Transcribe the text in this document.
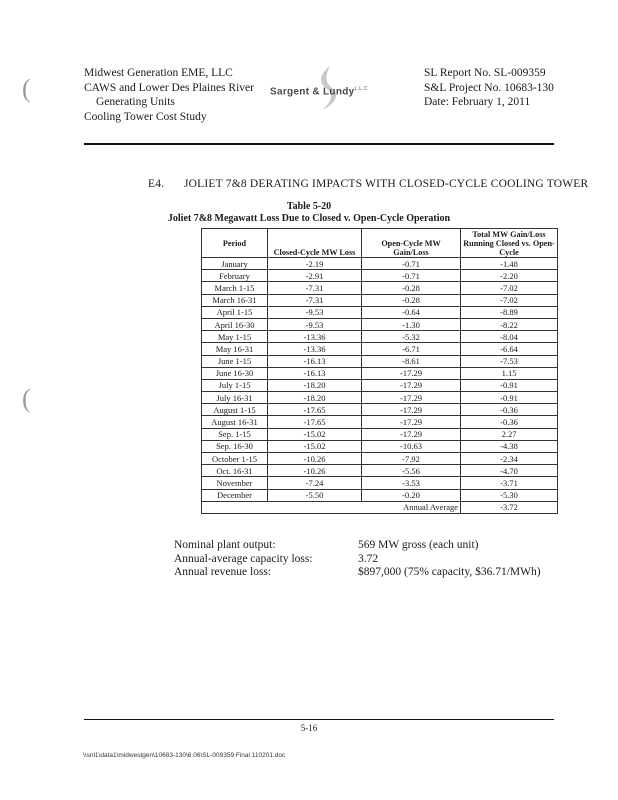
Midwest Generation EME, LLC
CAWS and Lower Des Plaines River
Generating Units
Cooling Tower Cost Study
Sargent & Lundy$^{L.L.C}$
SL Report No. SL-009359
S&L Project No. 10683-130
Date: February 1, 2011
(
(
E4. JOLIET 7&8 DERATING IMPACTS WITH CLOSED-CYCLE COOLING TOWER
Table 5-20
Joliet 7&8 Megawatt Loss Due to Closed v. Open-Cycle Operation
Period	Closed-Cycle MW Loss	Open-Cycle MW Gain/Loss	Total MW Gain/Loss Running Closed vs. Open-Cycle
January	-2.19	-0.71	-1.48
February	-2.91	-0.71	-2.20
March 1-15	-7.31	-0.28	-7.02
March 16-31	-7.31	-0.28	-7.02
April 1-15	-9.53	-0.64	-8.89
April 16-30	-9.53	-1.30	-8.22
May 1-15	-13.36	-5.32	-8.04
May 16-31	-13.36	-6.71	-6.64
June 1-15	-16.13	-8.61	-7.53
June 16-30	-16.13	-17.29	1.15
July 1-15	-18.20	-17.29	-0.91
July 16-31	-18.20	-17.29	-0.91
August 1-15	-17.65	-17.29	-0.36
August 16-31	-17.65	-17.29	-0.36
Sep. 1-15	-15.02	-17.29	2.27
Sep. 16-30	-15.02	-10.63	-4.38
October 1-15	-10.26	-7.92	-2.34
Oct. 16-31	-10.26	-5.56	-4.70
November	-7.24	-3.53	-3.71
December	-5.50	-0.20	-5.30
		Annual Average	-3.72
Nominal plant output:	569 MW gross (each unit)
Annual-average capacity loss:	3.72
Annual revenue loss:	$897,000 (75% capacity, $36.71/MWh)
5-16
\\snl1\data1\midwestgen\10683-130\6.06\SL-009359 Final 110201.doc
